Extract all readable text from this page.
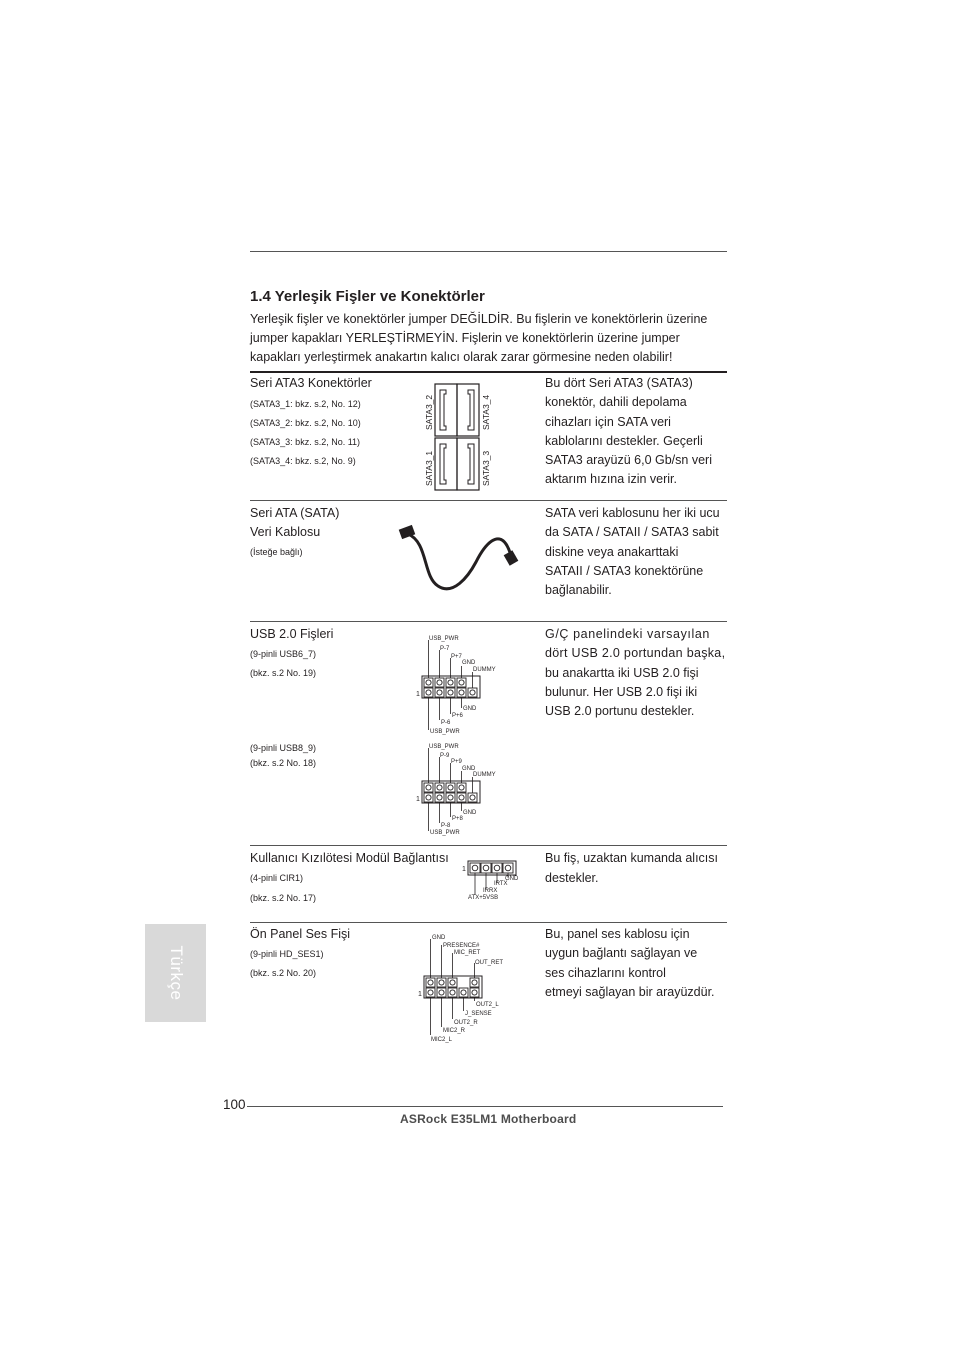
1.4 Yerleşik Fişler ve Konektörler
Yerleşik fişler ve konektörler jumper DEĞİLDİR. Bu fişlerin ve konektörlerin üzerine
jumper kapakları YERLEŞTİRMEYİN. Fişlerin ve konektörlerin üzerine jumper
kapakları yerleştirmek anakartın kalıcı olarak zarar görmesine neden olabilir!
Seri ATA3 Konektörler
(SATA3_1: bkz. s.2, No. 12)
(SATA3_2: bkz. s.2, No. 10)
(SATA3_3: bkz. s.2, No. 11)
(SATA3_4: bkz. s.2, No. 9)
SATA3_2	SATA3_4
SATA3_1	SATA3_3
Bu dört Seri ATA3 (SATA3)
konektör, dahili depolama
cihazları için SATA veri
kablolarını destekler. Geçerli
SATA3 arayüzü 6,0 Gb/sn veri
aktarım hızına izin verir.
Seri ATA (SATA)
Veri Kablosu
(İsteğe bağlı)
SATA veri kablosunu her iki ucu
da SATA / SATAII / SATA3 sabit
diskine veya anakarttaki
SATAII / SATA3 konektörüne
bağlanabilir.
USB 2.0 Fişleri
(9-pinli USB6_7)
(bkz. s.2 No. 19)
(9-pinli USB8_9)
(bkz. s.2 No. 18)
USB_PWR
P-7
P+7
GND
DUMMY
1
GND
P+6
P-6
USB_PWR
USB_PWR
P-9
P+9
GND
DUMMY
1
GND
P+8
P-8
USB_PWR
G/Ç panelindeki varsayılan
dört USB 2.0 portundan başka,
bu anakartta iki USB 2.0 fişi
bulunur. Her USB 2.0 fişi iki
USB 2.0 portunu destekler.
Kullanıcı Kızılötesi Modül Bağlantısı
(4-pinli CIR1)
(bkz. s.2 No. 17)
1
GND
IRTX
IRRX
ATX+5VSB
Bu fiş, uzaktan kumanda alıcısı
destekler.
Ön Panel Ses Fişi
(9-pinli HD_SES1)
(bkz. s.2 No. 20)
GND
PRESENCE#
MIC_RET
OUT_RET
1
OUT2_L
J_SENSE
OUT2_R
MIC2_R
MIC2_L
Bu, panel ses kablosu için
uygun bağlantı sağlayan ve
ses cihazlarını kontrol
etmeyi sağlayan bir arayüzdür.
Türkçe
100
ASRock E35LM1 Motherboard
